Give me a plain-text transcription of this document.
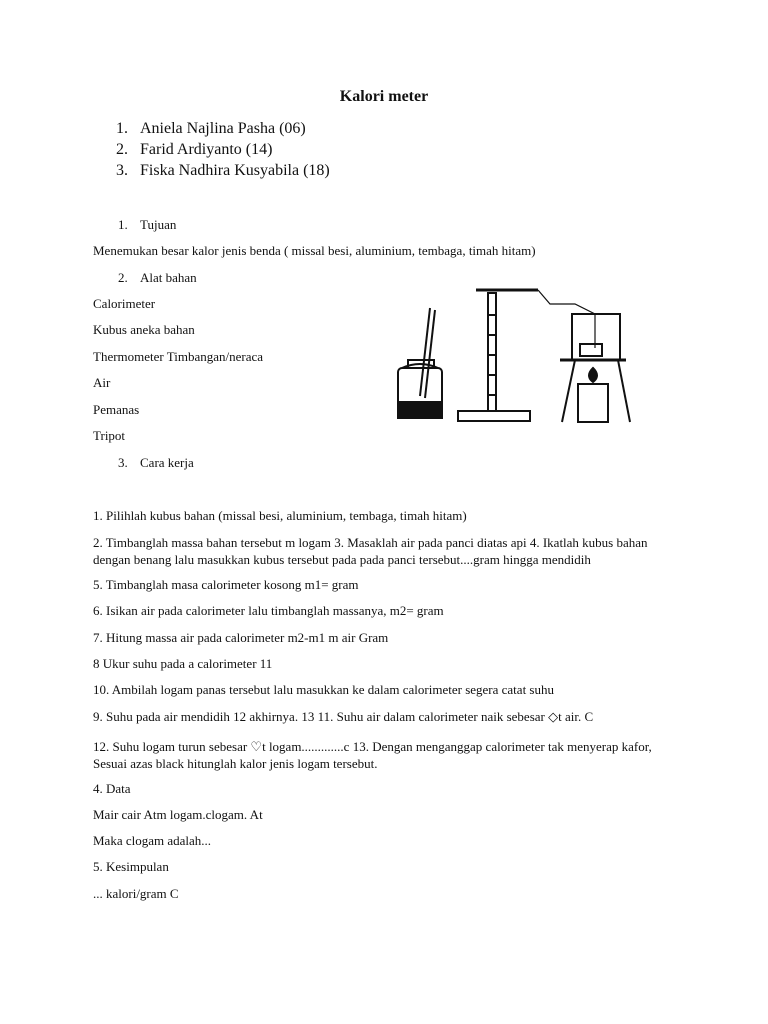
Kalori meter
1. Aniela Najlina Pasha (06)
2. Farid Ardiyanto (14)
3. Fiska Nadhira Kusyabila (18)
1. Tujuan
Menemukan besar kalor jenis benda ( missal besi, aluminium, tembaga, timah hitam)
2. Alat bahan
Calorimeter
Kubus aneka bahan
Thermometer Timbangan/neraca
Air
Pemanas
Tripot
3. Cara kerja
1. Pilihlah kubus bahan (missal besi, aluminium, tembaga, timah hitam)
2. Timbanglah massa bahan tersebut m logam 3. Masaklah air pada panci diatas api 4. Ikatlah kubus bahan dengan benang lalu masukkan kubus tersebut pada pada panci tersebut....gram hingga mendidih
5. Timbanglah masa calorimeter kosong m1= gram
6. Isikan air pada calorimeter lalu timbanglah massanya, m2= gram
7. Hitung massa air pada calorimeter m2-m1 m air Gram
8 Ukur suhu pada a calorimeter 11
10. Ambilah logam panas tersebut lalu masukkan ke dalam calorimeter segera catat suhu
9. Suhu pada air mendidih 12 akhirnya. 13 11. Suhu air dalam calorimeter naik sebesar ◇t air. C
12. Suhu logam turun sebesar ♡t logam.............c 13. Dengan menganggap calorimeter tak menyerap kafor, Sesuai azas black hitunglah kalor jenis logam tersebut.
4. Data
Mair cair Atm logam.clogam. At
Maka clogam adalah...
5. Kesimpulan
... kalori/gram C
